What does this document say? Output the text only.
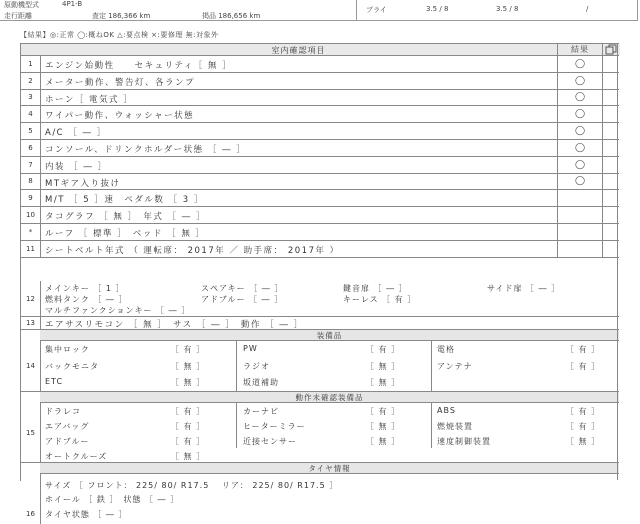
原動機型式	4P1-B
走行距離	査定 186,366 km	掲品 186,656 km
ブライ	3.5 / 8	3.5 / 8	/
【結果】◎:正常 ◯:概ねOK △:要点検 ×:要修理 無:対象外
室内確認項目	結果
1	エンジン始動性　　セキュリティ［ 無 ］	◯
2	メーター動作、警告灯、各ランプ	◯
3	ホーン［ 電気式 ］	◯
4	ワイパー動作、ウォッシャー状態	◯
5	A/C ［ ― ］	◯
6	コンソール、ドリンクホルダー状態 ［ ― ］	◯
7	内装 ［ ― ］	◯
8	MTギア入り抜け	◯
9	M/T ［ 5 ］速　ペダル数 ［ 3 ］
10	タコグラフ ［ 無 ］　年式 ［ ― ］
*	ルーフ ［ 標準 ］　ベッド ［ 無 ］
11	シートベルト年式 （ 運転席： 2017年 ／ 助手席： 2017年 ）
12
メインキー ［ 1 ］	スペアキー ［ ― ］	鍵音扉 ［ ― ］	サイド扉 ［ ― ］
燃料タンク ［ ― ］	アドブルー ［ ― ］	キーレス ［ 有 ］
マルチファンクションキー ［ ― ］
13	エアサスリモコン ［ 無 ］　サス ［ ― ］　動作 ［ ― ］
装備品
14
集中ロック	［ 有 ］	PW	［ 有 ］	電格	［ 有 ］
バックモニタ	［ 無 ］	ラジオ	［ 無 ］	アンテナ	［ 有 ］
ETC	［ 無 ］	坂道補助	［ 無 ］
動作未確認装備品
15
ドラレコ	［ 有 ］	カーナビ	［ 有 ］	ABS	［ 有 ］
エアバッグ	［ 有 ］	ヒーターミラー	［ 無 ］	燃焼装置	［ 有 ］
アドブルー	［ 有 ］	近接センサー	［ 無 ］	速度制御装置	［ 無 ］
オートクルーズ	［ 無 ］
タイヤ情報
16
サイズ ［ フロント： 225/ 80/ R17.5 　リア： 225/ 80/ R17.5 ］
ホイール ［ 鉄 ］　状態 ［ ― ］
タイヤ状態 ［ ― ］
